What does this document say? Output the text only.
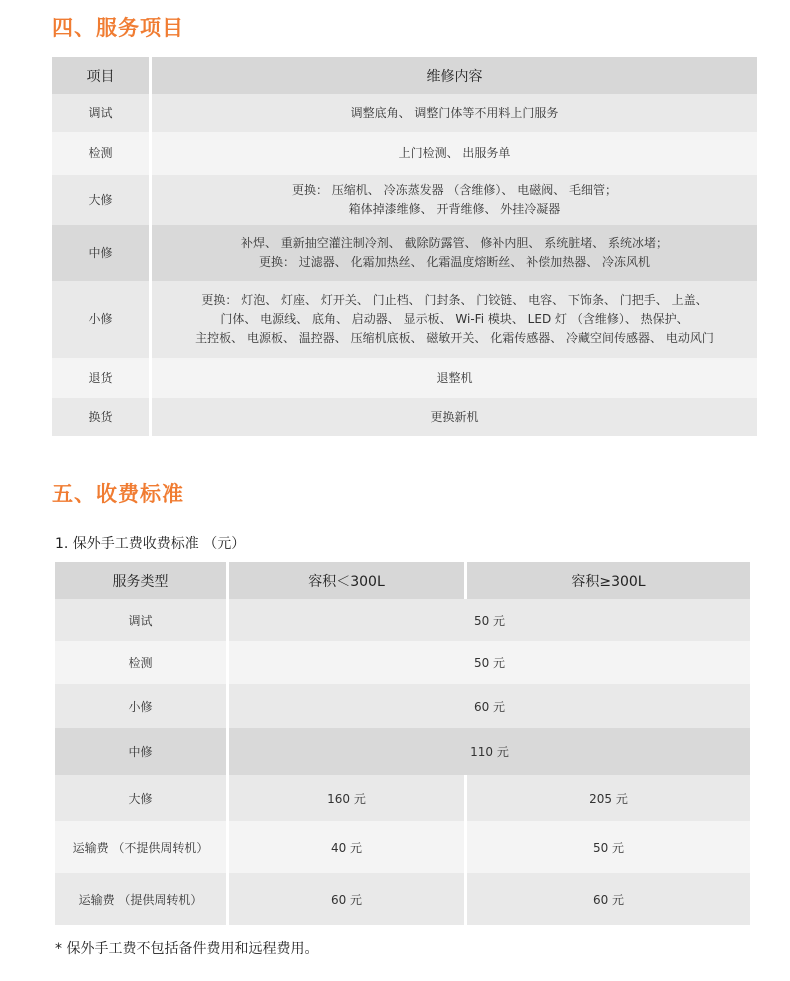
四、服务项目
项目	维修内容
调试	调整底角、 调整门体等不用料上门服务

检测	上门检测、 出服务单

大修	更换： 压缩机、 冷冻蒸发器 （含维修）、 电磁阀、 毛细管；
箱体掉漆维修、 开背维修、 外挂冷凝器

中修	补焊、 重新抽空灌注制冷剂、 截除防露管、 修补内胆、 系统脏堵、 系统冰堵；
更换： 过滤器、 化霜加热丝、 化霜温度熔断丝、 补偿加热器、 冷冻风机

小修	更换： 灯泡、 灯座、 灯开关、 门止档、 门封条、 门铰链、 电容、 下饰条、 门把手、 上盖、
门体、 电源线、 底角、 启动器、 显示板、 Wi-Fi 模块、 LED 灯 （含维修）、 热保护、
主控板、 电源板、 温控器、 压缩机底板、 磁敏开关、 化霜传感器、 冷藏空间传感器、 电动风门

退货	退整机

换货	更换新机
五、收费标准
1. 保外手工费收费标准 （元）
服务类型	容积＜300L	容积≥300L
调试	50 元	
检测	50 元	
小修	60 元	
中修	110 元	
大修	160 元	205 元
运输费 （不提供周转机）	40 元	50 元
运输费 （提供周转机）	60 元	60 元
* 保外手工费不包括备件费用和远程费用。
